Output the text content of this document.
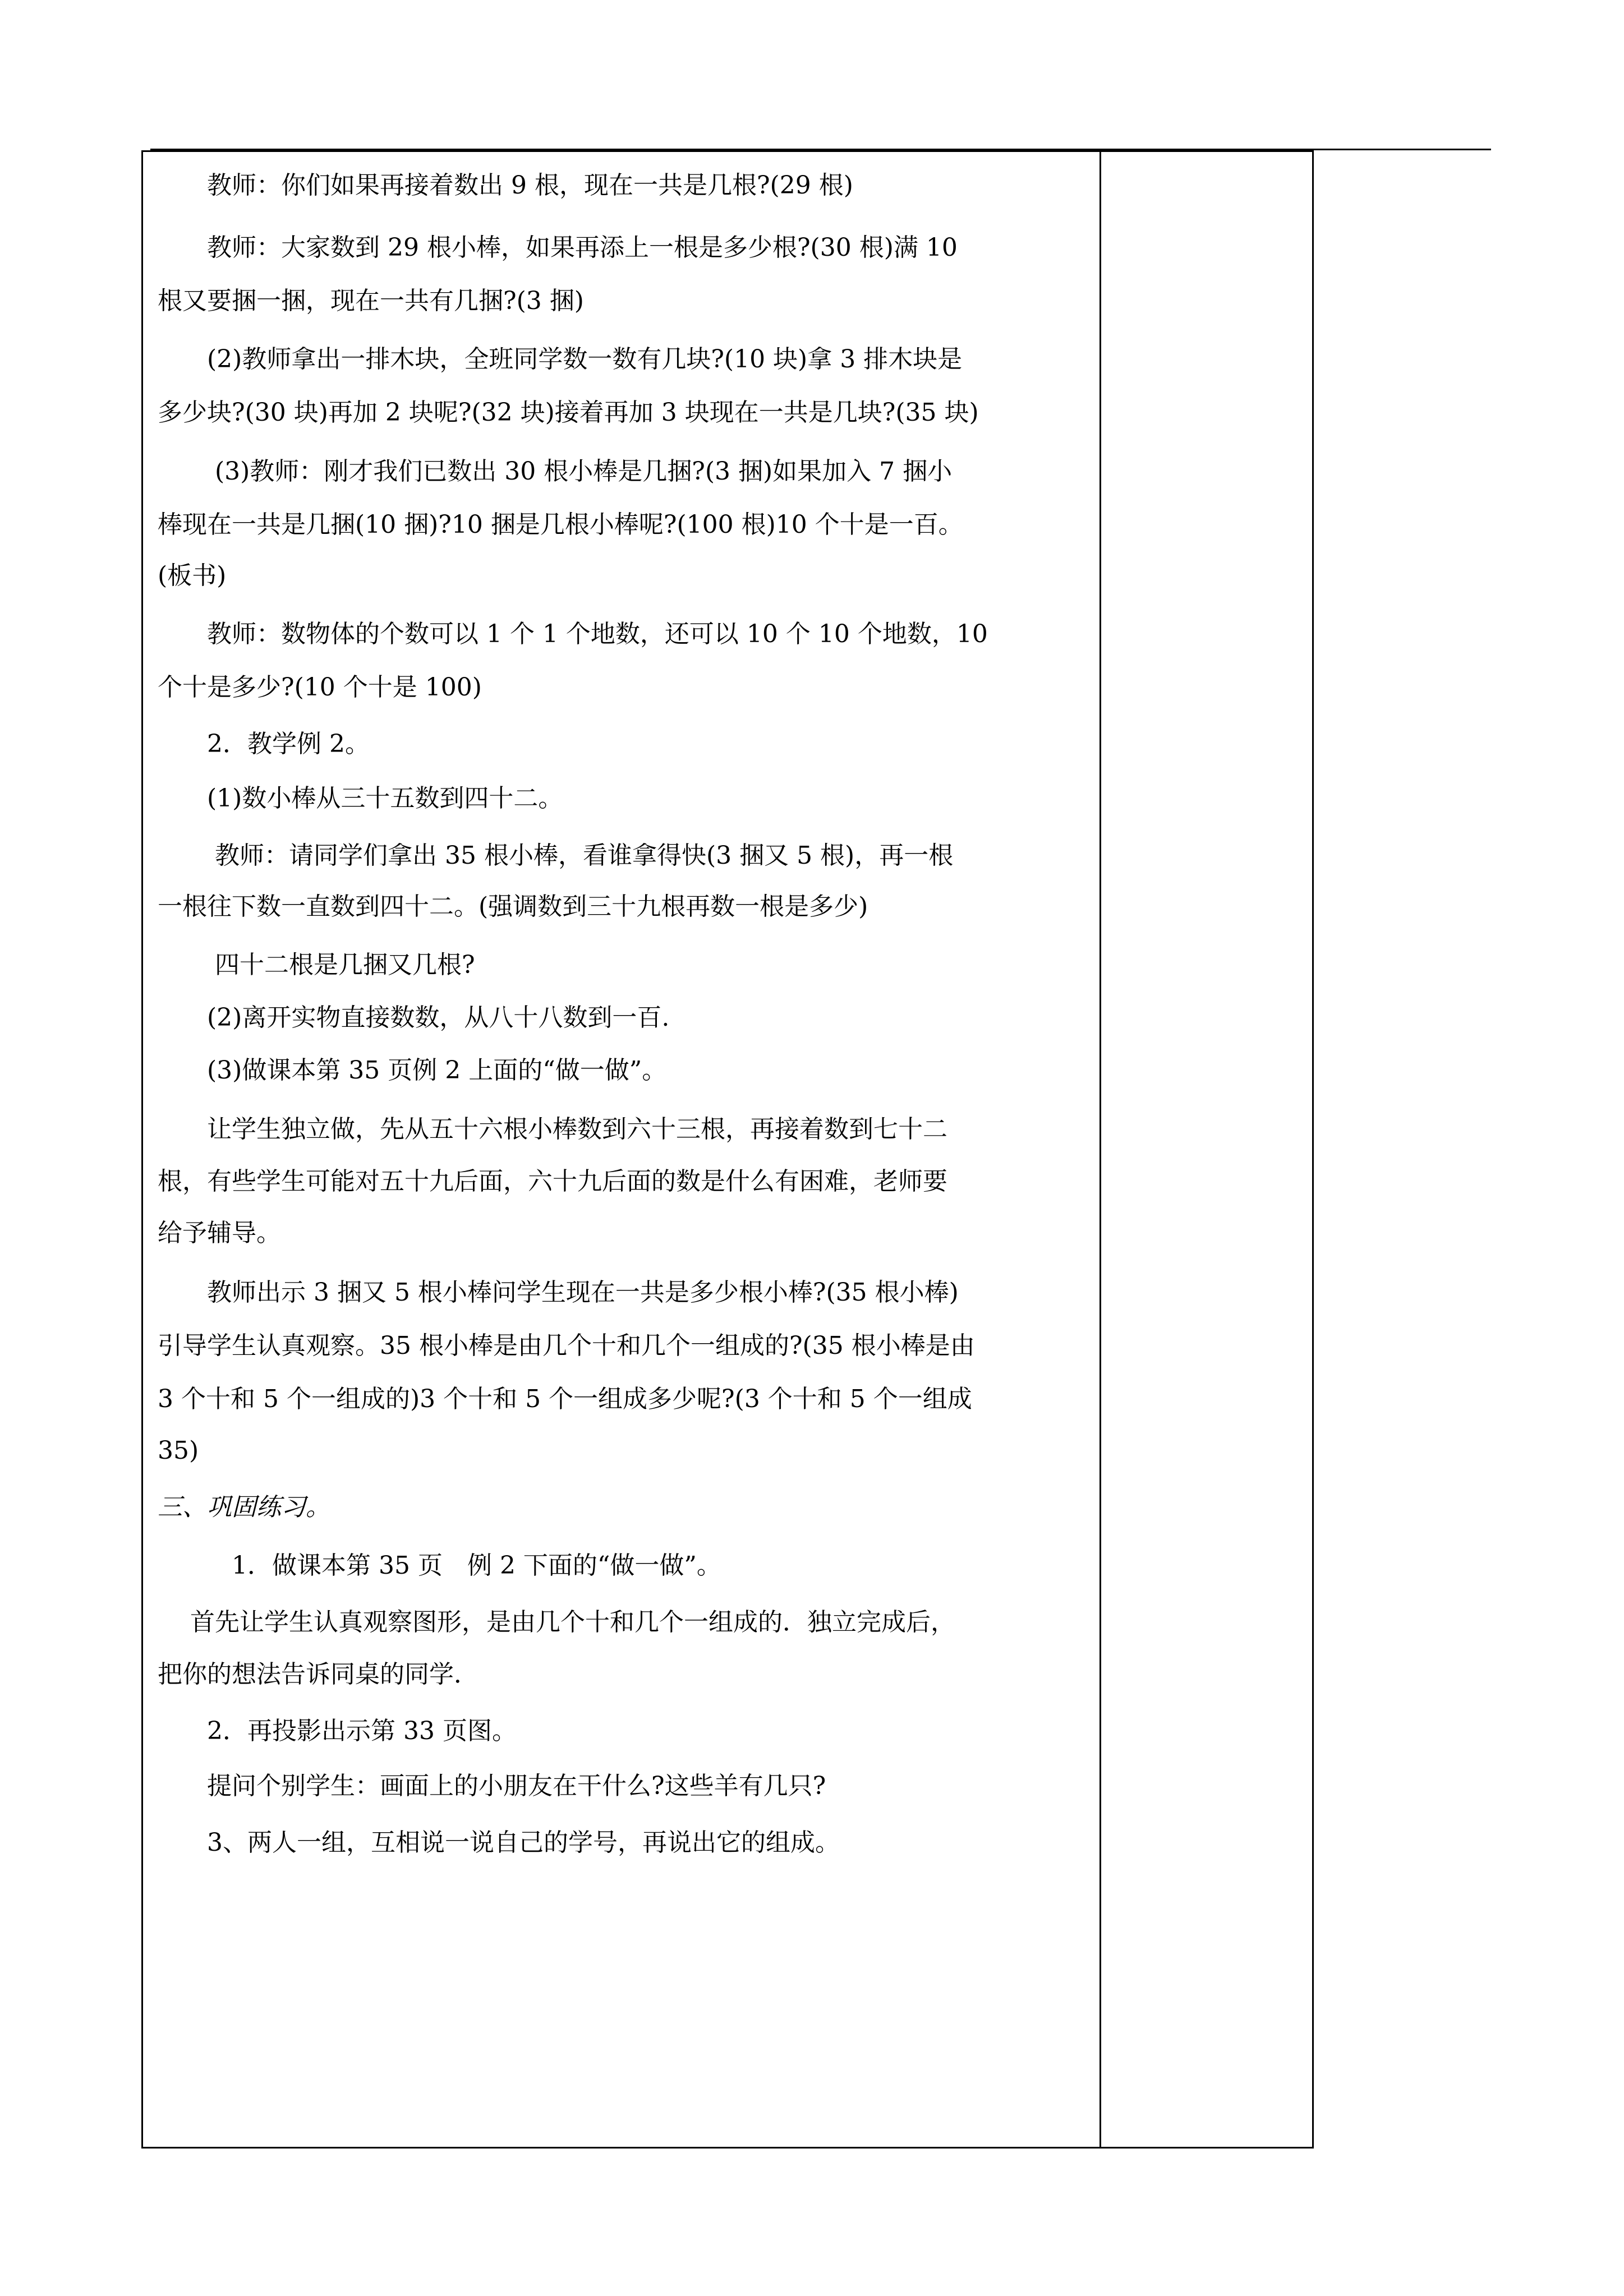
　　教师：你们如果再接着数出 9 根，现在一共是几根?(29 根)
　　教师：大家数到 29 根小棒，如果再添上一根是多少根?(30 根)满 10
根又要捆一捆，现在一共有几捆?(3 捆)
　　(2)教师拿出一排木块，全班同学数一数有几块?(10 块)拿 3 排木块是
多少块?(30 块)再加 2 块呢?(32 块)接着再加 3 块现在一共是几块?(35 块)
　　 (3)教师：刚才我们已数出 30 根小棒是几捆?(3 捆)如果加入 7 捆小
棒现在一共是几捆(10 捆)?10 捆是几根小棒呢?(100 根)10 个十是一百。
(板书)
　　教师：数物体的个数可以 1 个 1 个地数，还可以 10 个 10 个地数，10
个十是多少?(10 个十是 100)
　　2．教学例 2。
　　(1)数小棒从三十五数到四十二。
　　 教师：请同学们拿出 35 根小棒，看谁拿得快(3 捆又 5 根)，再一根
一根往下数一直数到四十二。(强调数到三十九根再数一根是多少)
　　 四十二根是几捆又几根?
　　(2)离开实物直接数数，从八十八数到一百.
　　(3)做课本第 35 页例 2 上面的“做一做”。
　　让学生独立做，先从五十六根小棒数到六十三根，再接着数到七十二
根，有些学生可能对五十九后面，六十九后面的数是什么有困难，老师要
给予辅导。
　　教师出示 3 捆又 5 根小棒问学生现在一共是多少根小棒?(35 根小棒)
引导学生认真观察。35 根小棒是由几个十和几个一组成的?(35 根小棒是由
3 个十和 5 个一组成的)3 个十和 5 个一组成多少呢?(3 个十和 5 个一组成
35)
三、巩固练习。
　　　1．做课本第 35 页　例 2 下面的“做一做”。
　 首先让学生认真观察图形，是由几个十和几个一组成的．独立完成后，
把你的想法告诉同桌的同学．
　　2．再投影出示第 33 页图。
　　提问个别学生：画面上的小朋友在干什么?这些羊有几只?
　　3、两人一组，互相说一说自己的学号，再说出它的组成。
